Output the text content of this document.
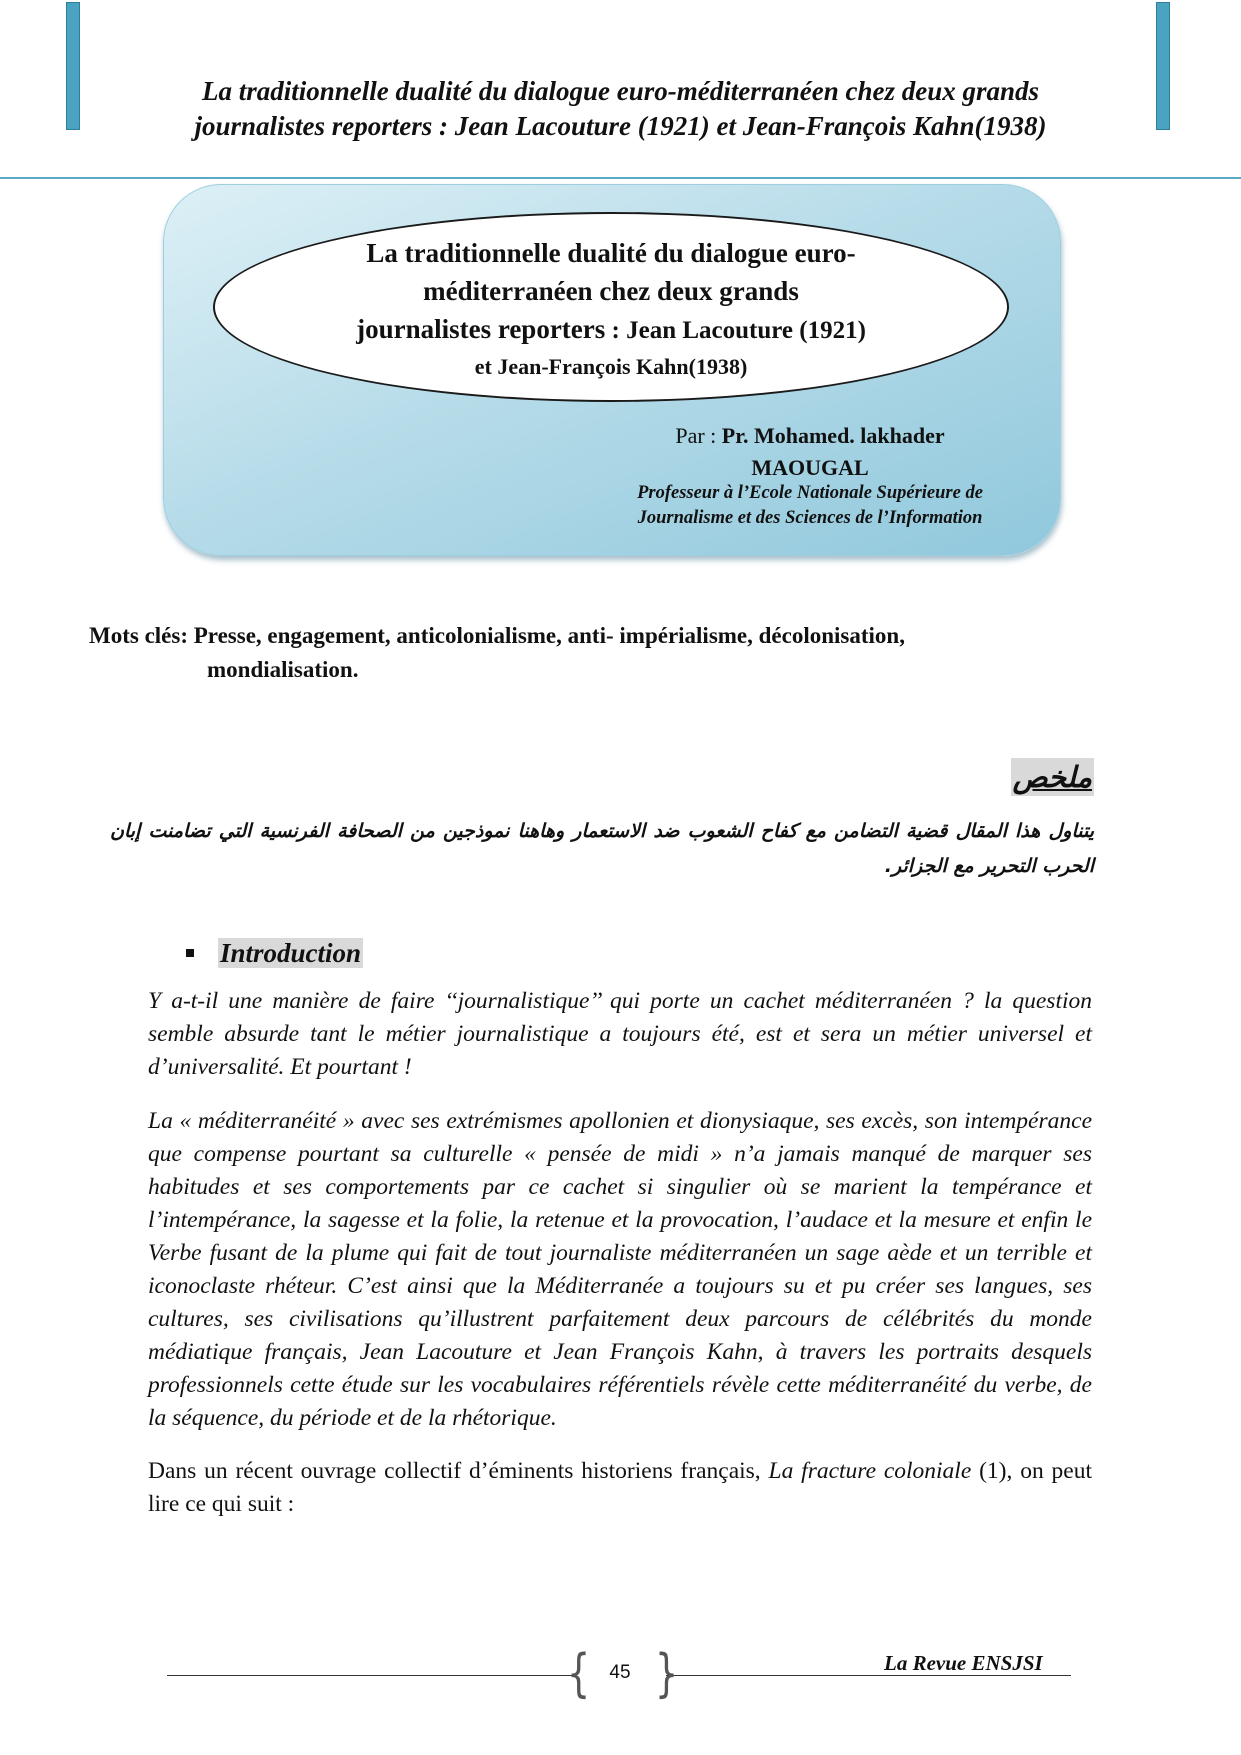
La traditionnelle dualité du dialogue euro-méditerranéen chez deux grands
journalistes reporters : Jean Lacouture (1921) et Jean-François Kahn(1938)
La traditionnelle dualité du dialogue euro-
méditerranéen chez deux grands
journalistes reporters : Jean Lacouture (1921)
et Jean-François Kahn(1938)
Par : Pr. Mohamed. lakhader
MAOUGAL
Professeur à l’Ecole Nationale Supérieure de
Journalisme et des Sciences de l’Information
Mots clés: Presse, engagement, anticolonialisme, anti- impérialisme, décolonisation,
mondialisation.
ملخص
يتناول هذا المقال قضية التضامن مع كفاح الشعوب ضد الاستعمار وهاهنا نموذجين من الصحافة الفرنسية التي تضامنت إبان الحرب التحرير مع الجزائر.
Introduction

Y a-t-il une manière de faire ‘‘journalistique’’ qui porte un cachet méditerranéen ? la question semble absurde tant le métier journalistique a toujours été, est et sera un métier universel et d’universalité. Et pourtant !

La « méditerranéité » avec ses extrémismes apollonien et dionysiaque, ses excès, son intempérance que compense pourtant sa culturelle « pensée de midi » n’a jamais manqué de marquer ses habitudes et ses comportements par ce cachet si singulier où se marient la tempérance et l’intempérance, la sagesse et la folie, la retenue et la provocation, l’audace et la mesure et enfin le Verbe fusant de la plume qui fait de tout journaliste méditerranéen un sage aède et un terrible et iconoclaste rhéteur. C’est ainsi que la Méditerranée a toujours su et pu créer ses langues, ses cultures, ses civilisations qu’illustrent parfaitement deux parcours de célébrités du monde médiatique français, Jean Lacouture et Jean François Kahn, à travers les portraits desquels professionnels cette étude sur les vocabulaires référentiels révèle cette méditerranéité du verbe, de la séquence, du période et de la rhétorique.

Dans un récent ouvrage collectif d’éminents historiens français, La fracture coloniale (1), on peut lire ce qui suit :

{ }
45	La Revue ENSJSI
